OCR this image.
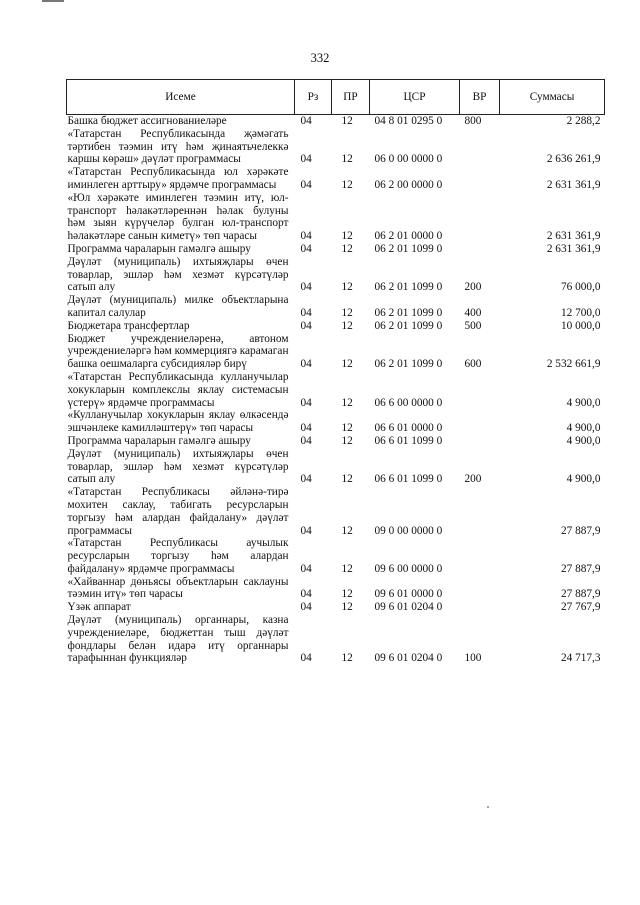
332
Исеме	Рз	ПР	ЦСР	ВР	Суммасы
Башка бюджет ассигнованиеләре	04	12	04 8 01 0295 0	800	2 288,2
«Татарстан Республикасында җәмәгать тәртибен тәэмин итү һәм җинаятьчелеккә каршы көрәш» дәүләт программасы	04	12	06 0 00 0000 0		2 636 261,9
«Татарстан Республикасында юл хәрәкәте иминлеген арттыру» ярдәмче программасы	04	12	06 2 00 0000 0		2 631 361,9
«Юл хәрәкәте иминлеген тәэмин итү, юл-транспорт һәлакәтләреннән һәлак булуны һәм зыян күрүчеләр булган юл-транспорт һәлакәтләре санын киметү» төп чарасы	04	12	06 2 01 0000 0		2 631 361,9
Программа чараларын гамәлгә ашыру	04	12	06 2 01 1099 0		2 631 361,9
Дәүләт (муниципаль) ихтыяҗлары өчен товарлар, эшләр һәм хезмәт күрсәтүләр сатып алу	04	12	06 2 01 1099 0	200	76 000,0
Дәүләт (муниципаль) милке объектларына капитал салулар	04	12	06 2 01 1099 0	400	12 700,0
Бюджетара трансфертлар	04	12	06 2 01 1099 0	500	10 000,0
Бюджет учреждениеләренә, автоном учреждениеләргә һәм коммерциягә карамаган башка оешмаларга субсидияләр бирү	04	12	06 2 01 1099 0	600	2 532 661,9
«Татарстан Республикасында кулланучылар хокукларын комплекслы яклау системасын үстерү» ярдәмче программасы	04	12	06 6 00 0000 0		4 900,0
«Кулланучылар хокукларын яклау өлкәсендә эшчәнлеке камилләштерү» төп чарасы	04	12	06 6 01 0000 0		4 900,0
Программа чараларын гамәлгә ашыру	04	12	06 6 01 1099 0		4 900,0
Дәүләт (муниципаль) ихтыяҗлары өчен товарлар, эшләр һәм хезмәт күрсәтүләр сатып алу	04	12	06 6 01 1099 0	200	4 900,0
«Татарстан Республикасы әйләнә-тирә мохитен саклау, табигать ресурсларын торгызу һәм алардан файдалану» дәүләт программасы	04	12	09 0 00 0000 0		27 887,9
«Татарстан Республикасы аучылык ресурсларын торгызу һәм алардан файдалану» ярдәмче программасы	04	12	09 6 00 0000 0		27 887,9
«Хайваннар дөньясы объектларын саклауны тәэмин итү» төп чарасы	04	12	09 6 01 0000 0		27 887,9
Үзәк аппарат	04	12	09 6 01 0204 0		27 767,9
Дәүләт (муниципаль) органнары, казна учреждениеләре, бюджеттан тыш дәүләт фондлары белән идарә итү органнары тарафыннан функцияләр	04	12	09 6 01 0204 0	100	24 717,3
